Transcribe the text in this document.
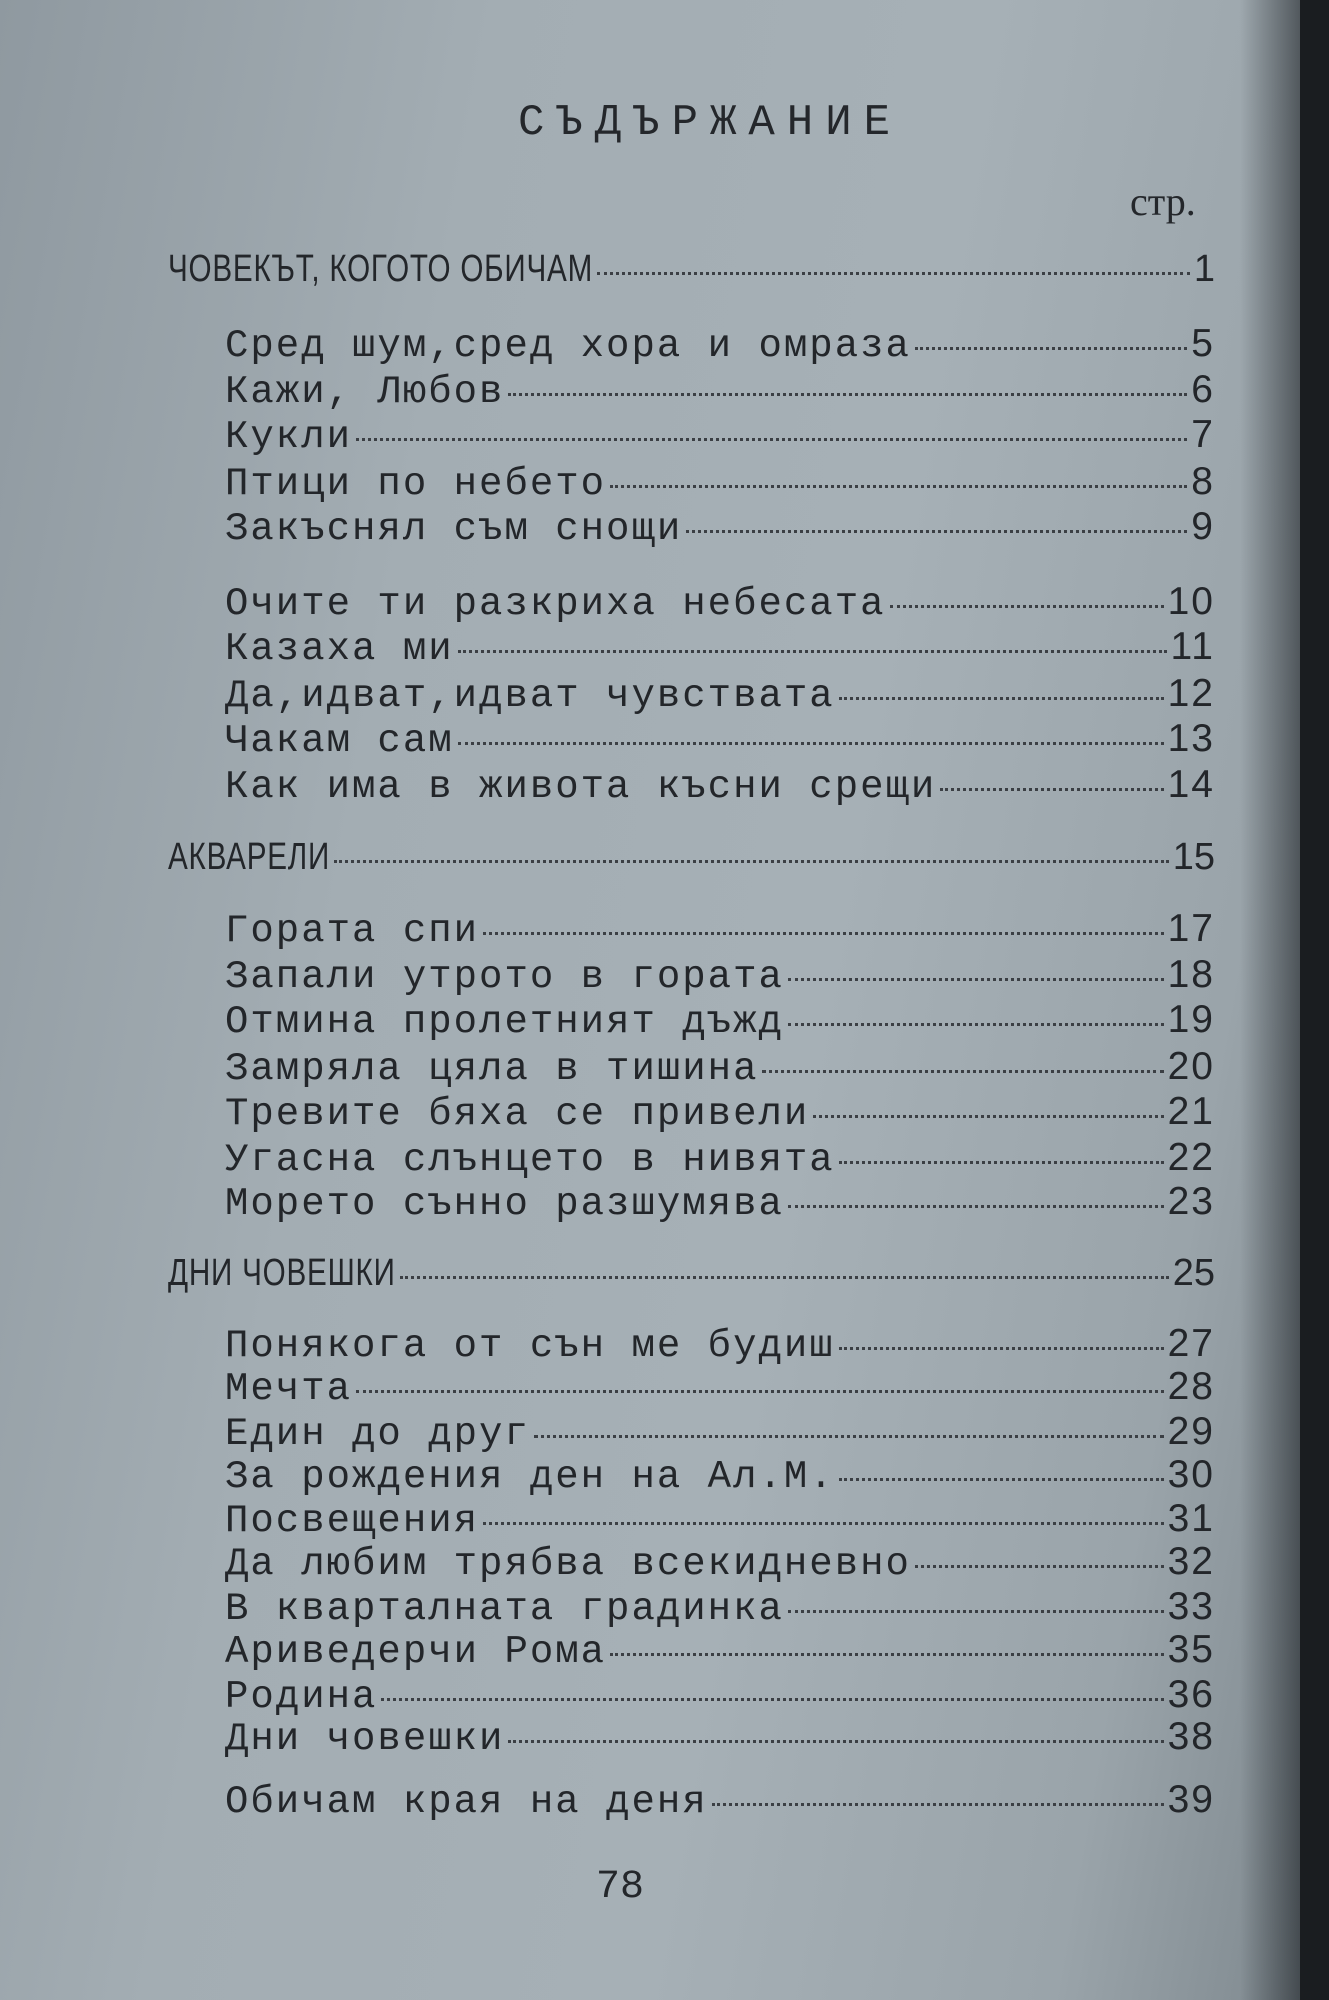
СЪДЪРЖАНИЕ
стр.
ЧОВЕКЪТ, КОГОТО ОБИЧАМ	1
Сред шум,сред хора и омраза	5
Кажи, Любов	6
Кукли	7
Птици по небето	8
Закъснял съм снощи	9
Очите ти разкриха небесата	10
Казаха ми	11
Да,идват,идват чувствата	12
Чакам сам	13
Как има в живота късни срещи	14
АКВАРЕЛИ	15
Гората спи	17
Запали утрото в гората	18
Отмина пролетният дъжд	19
Замряла цяла в тишина	20
Тревите бяха се привели	21
Угасна слънцето в нивята	22
Морето сънно разшумява	23
ДНИ ЧОВЕШКИ	25
Понякога от сън ме будиш	27
Мечта	28
Един до друг	29
За рождения ден на Ал.М.	30
Посвещения	31
Да любим трябва всекидневно	32
В кварталната градинка	33
Ариведерчи Рома	35
Родина	36
Дни човешки	38
Обичам края на деня	39
78
